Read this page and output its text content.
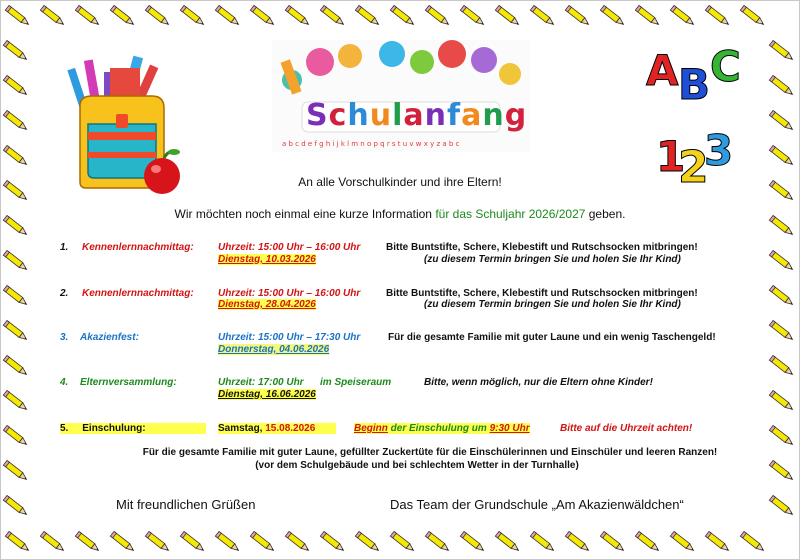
a b c d e f g h i j k l m n o p q r s t u v w x y z a b c
Schulanfang
A B C
1
2
3
An alle Vorschulkinder und ihre Eltern!
Wir möchten noch einmal eine kurze Information für das Schuljahr 2026/2027 geben.
1. Kennenlernnachmittag: Uhrzeit: 15:00 Uhr – 16:00 Uhr
Dienstag, 10.03.2026
Bitte Buntstifte, Schere, Klebestift und Rutschsocken mitbringen!
(zu diesem Termin bringen Sie und holen Sie Ihr Kind)
2. Kennenlernnachmittag: Uhrzeit: 15:00 Uhr – 16:00 Uhr
Dienstag, 28.04.2026
Bitte Buntstifte, Schere, Klebestift und Rutschsocken mitbringen!
(zu diesem Termin bringen Sie und holen Sie Ihr Kind)
3. Akazienfest:	Uhrzeit: 15:00 Uhr – 17:30 Uhr
Donnerstag, 04.06.2026
Für die gesamte Familie mit guter Laune und ein wenig Taschengeld!
4. Elternversammlung:	Uhrzeit: 17:00 Uhr im Speiseraum
Dienstag, 16.06.2026
Bitte, wenn möglich, nur die Eltern ohne Kinder!
5. Einschulung:	Samstag, 15.08.2026	Beginn der Einschulung um 9:30 Uhr	Bitte auf die Uhrzeit achten!
Für die gesamte Familie mit guter Laune, gefüllter Zuckertüte für die Einschülerinnen und Einschüler und leeren Ranzen!
(vor dem Schulgebäude und bei schlechtem Wetter in der Turnhalle)
Mit freundlichen Grüßen	Das Team der Grundschule „Am Akazienwäldchen“
